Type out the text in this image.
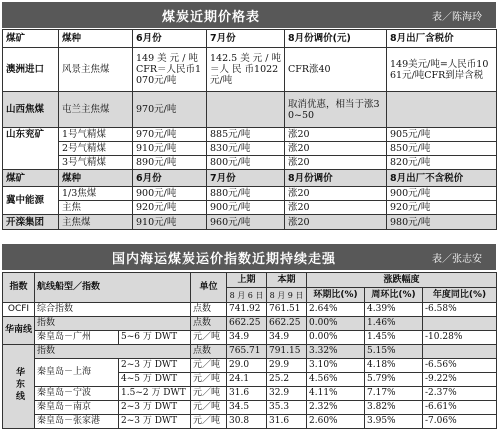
煤炭近期价格表	表／陈海玲
煤矿	煤种	6月份	7月份	8月份调价(元)	8月出厂含税价
澳洲进口	风景主焦煤	149 美 元 / 吨 CFR＝人民币1070元/吨	142.5 美 元 / 吨＝人 民 币1022元/吨	CFR涨40	149美元/吨=人民币1061元/吨CFR到岸含税
山西焦煤	屯兰主焦煤	970元/吨		取消优惠，相当于涨30~50	
山东兖矿	1号气精煤	970元/吨	885元/吨	涨20	905元/吨
	2号气精煤	910元/吨	830元/吨	涨20	850元/吨
	3号气精煤	890元/吨	800元/吨	涨20	820元/吨
煤矿	煤种	6月份	7月份	8月份调价	8月出厂不含税价
冀中能源	1/3焦煤	900元/吨	880元/吨	涨20	900元/吨
	主焦	920元/吨	900元/吨	涨20	920元/吨
开滦集团	主焦煤	910元/吨	960元/吨	涨20	980元/吨
国内海运煤炭运价指数近期持续走强	表／张志安
指数	航线船型／指数		单位	上期	本期	涨跌幅度		
				8 月 6 日	8 月 9 日	环期比(%)	周环比(%)	年度同比(%)
OCFI	综合指数		点数	741.92	761.51	2.64%	4.39%	-6.58%
华南线	指数		点数	662.25	662.25	0.00%	1.46%	
	秦皇岛－广州	5~6 万 DWT	元／吨	34.9	34.9	0.00%	1.45%	-10.28%
华东线	指数		点数	765.71	791.15	3.32%	5.15%	
	秦皇岛－上海	2~3 万 DWT	元／吨	29.0	29.9	3.10%	4.18%	-6.56%
		4~5 万 DWT	元／吨	24.1	25.2	4.56%	5.79%	-9.22%
	秦皇岛－宁波	1.5~2 万 DWT	元／吨	31.6	32.9	4.11%	7.17%	-2.37%
	秦皇岛－南京	2~3 万 DWT	元／吨	34.5	35.3	2.32%	3.82%	-6.61%
	秦皇岛－张家港	2~3 万 DWT	元／吨	30.8	31.6	2.60%	3.95%	-7.06%
